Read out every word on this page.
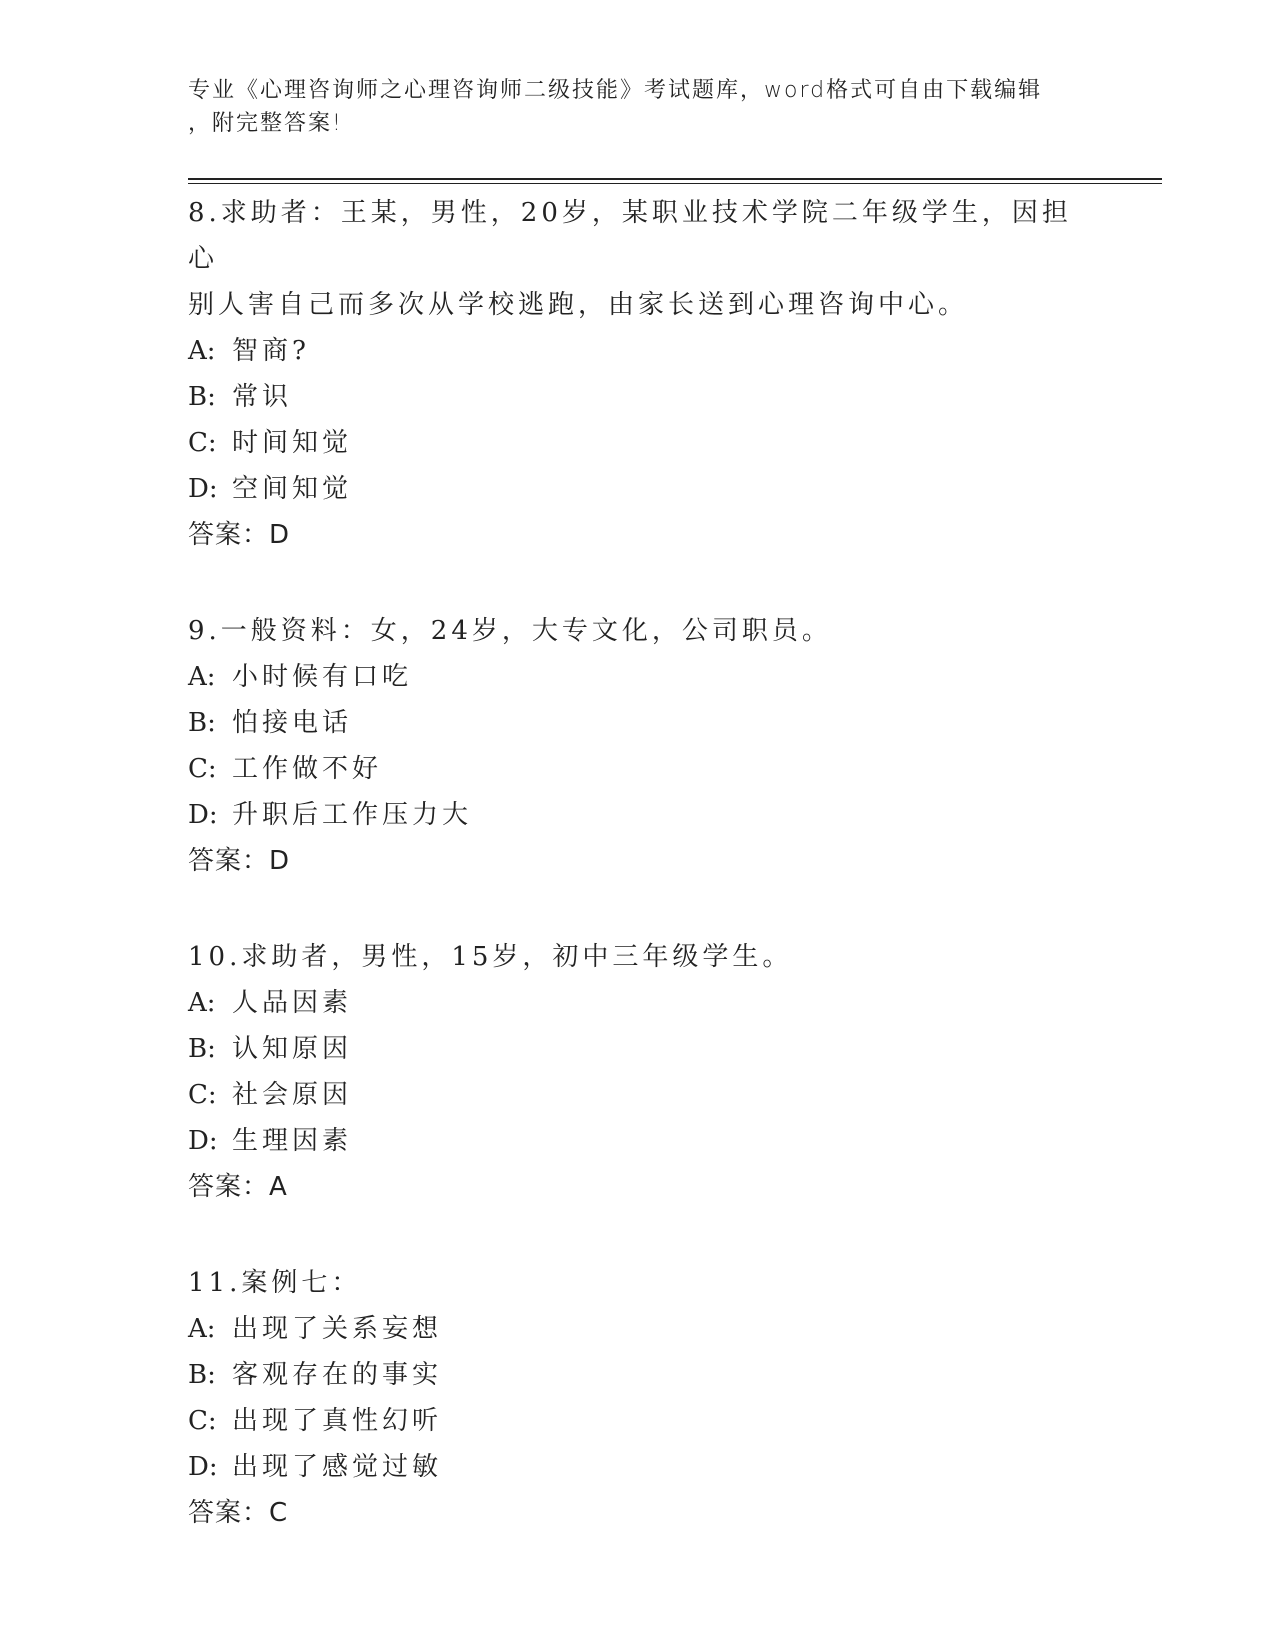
专业《心理咨询师之心理咨询师二级技能》考试题库，word格式可自由下载编辑
，附完整答案!

8.求助者：王某，男性，20岁，某职业技术学院二年级学生，因担心

别人害自己而多次从学校逃跑，由家长送到心理咨询中心。

A: 智商?

B: 常识

C: 时间知觉

D: 空间知觉

答案：D

9.一般资料：女，24岁，大专文化，公司职员。

A: 小时候有口吃

B: 怕接电话

C: 工作做不好

D: 升职后工作压力大

答案：D

10.求助者，男性，15岁，初中三年级学生。

A: 人品因素

B: 认知原因

C: 社会原因

D: 生理因素

答案：A

11.案例七：

A: 出现了关系妄想

B: 客观存在的事实

C: 出现了真性幻听

D: 出现了感觉过敏

答案：C
